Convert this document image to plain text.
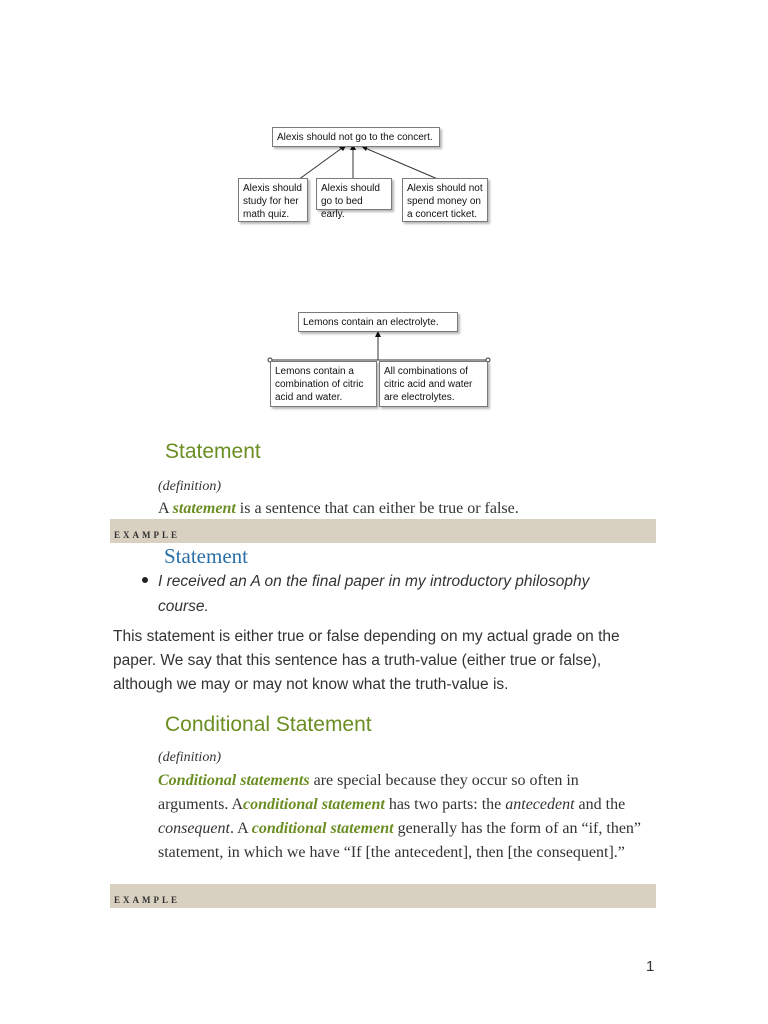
Alexis should not go to the concert.
Alexis should study for her math quiz.
Alexis should go to bed early.
Alexis should not spend money on a concert ticket.
Lemons contain an electrolyte.
Lemons contain a combination of citric acid and water.
All combinations of citric acid and water are electrolytes.
Statement
(definition)
A statement is a sentence that can either be true or false.
EXAMPLE
Statement
I received an A on the final paper in my introductory philosophy course.
This statement is either true or false depending on my actual grade on the paper. We say that this sentence has a truth-value (either true or false), although we may or may not know what the truth-value is.
Conditional Statement
(definition)
Conditional statements are special because they occur so often in arguments. Aconditional statement has two parts: the antecedent and the consequent. A conditional statement generally has the form of an “if, then” statement, in which we have “If [the antecedent], then [the consequent].”
EXAMPLE
1
